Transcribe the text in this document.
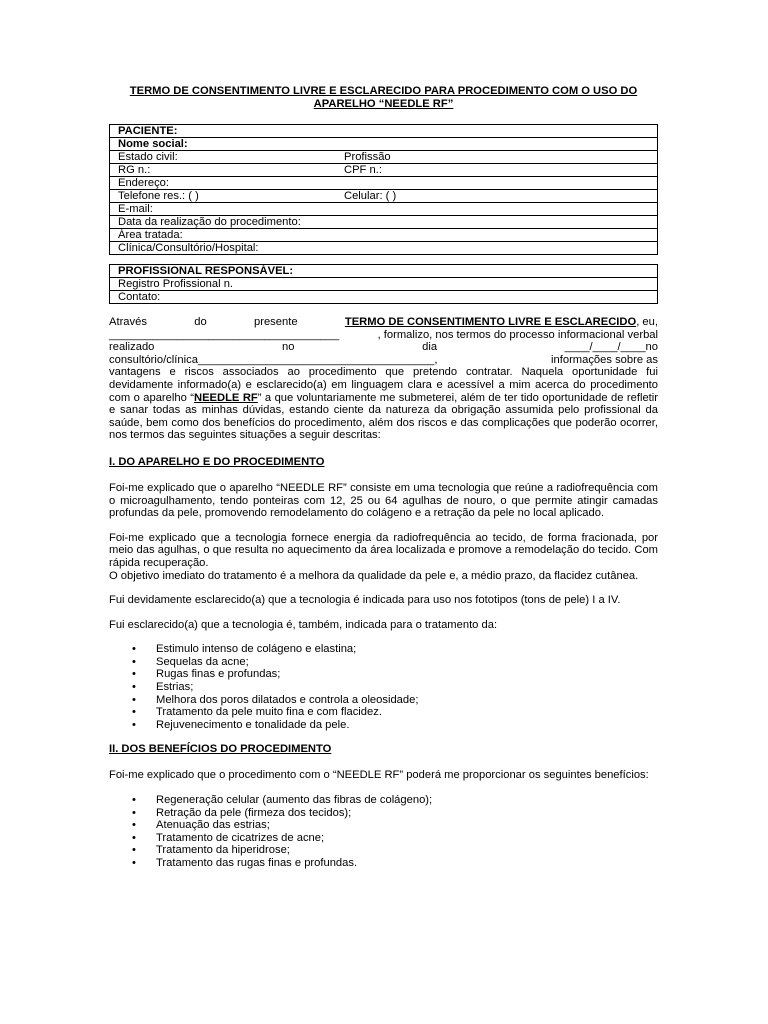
TERMO DE CONSENTIMENTO LIVRE E ESCLARECIDO PARA PROCEDIMENTO COM O USO DO APARELHO “NEEDLE RF”
PACIENTE:
Nome social:
Estado civil:	Profissão

RG n.:	CPF n.:

Endereço:
Telefone res.: ( )	Celular: ( )

E-mail:
Data da realização do procedimento:
Área tratada:
Clínica/Consultório/Hospital:
PROFISSIONAL RESPONSÁVEL:
Registro Profissional n.
Contato:
Através	do	presente	TERMO DE CONSENTIMENTO LIVRE E ESCLARECIDO, eu,
_____________________________________	, formalizo, nos termos do processo informacional verbal
realizado	no	dia	____/____/____no
consultório/clínica______________________________________,	informações sobre as

vantagens e riscos associados ao procedimento que pretendo contratar. Naquela oportunidade fui devidamente informado(a) e esclarecido(a) em linguagem clara e acessível a mim acerca do procedimento com o aparelho “NEEDLE RF” a que voluntariamente me submeterei, além de ter tido oportunidade de refletir e sanar todas as minhas dúvidas, estando ciente da natureza da obrigação assumida pelo profissional da saúde, bem como dos benefícios do procedimento, além dos riscos e das complicações que poderão ocorrer, nos termos das seguintes situações a seguir descritas:

I. DO APARELHO E DO PROCEDIMENTO

Foi-me explicado que o aparelho “NEEDLE RF” consiste em uma tecnologia que reúne a radiofrequência com o microagulhamento, tendo ponteiras com 12, 25 ou 64 agulhas de nouro, o que permite atingir camadas profundas da pele, promovendo remodelamento do colágeno e a retração da pele no local aplicado.

Foi-me explicado que a tecnologia fornece energia da radiofrequência ao tecido, de forma fracionada, por meio das agulhas, o que resulta no aquecimento da área localizada e promove a remodelação do tecido. Com rápida recuperação.

O objetivo imediato do tratamento é a melhora da qualidade da pele e, a médio prazo, da flacidez cutânea.

Fui devidamente esclarecido(a) que a tecnologia é indicada para uso nos fototipos (tons de pele) I a IV.

Fui esclarecido(a) que a tecnologia é, também, indicada para o tratamento da:

• Estimulo intenso de colágeno e elastina;
• Sequelas da acne;
• Rugas finas e profundas;
• Estrias;
• Melhora dos poros dilatados e controla a oleosidade;
• Tratamento da pele muito fina e com flacidez.
• Rejuvenecimento e tonalidade da pele.
II. DOS BENEFÍCIOS DO PROCEDIMENTO

Foi-me explicado que o procedimento com o “NEEDLE RF” poderá me proporcionar os seguintes benefícios:

• Regeneração celular (aumento das fibras de colágeno);
• Retração da pele (firmeza dos tecidos);
• Atenuação das estrias;
• Tratamento de cicatrizes de acne;
• Tratamento da hiperidrose;
• Tratamento das rugas finas e profundas.
